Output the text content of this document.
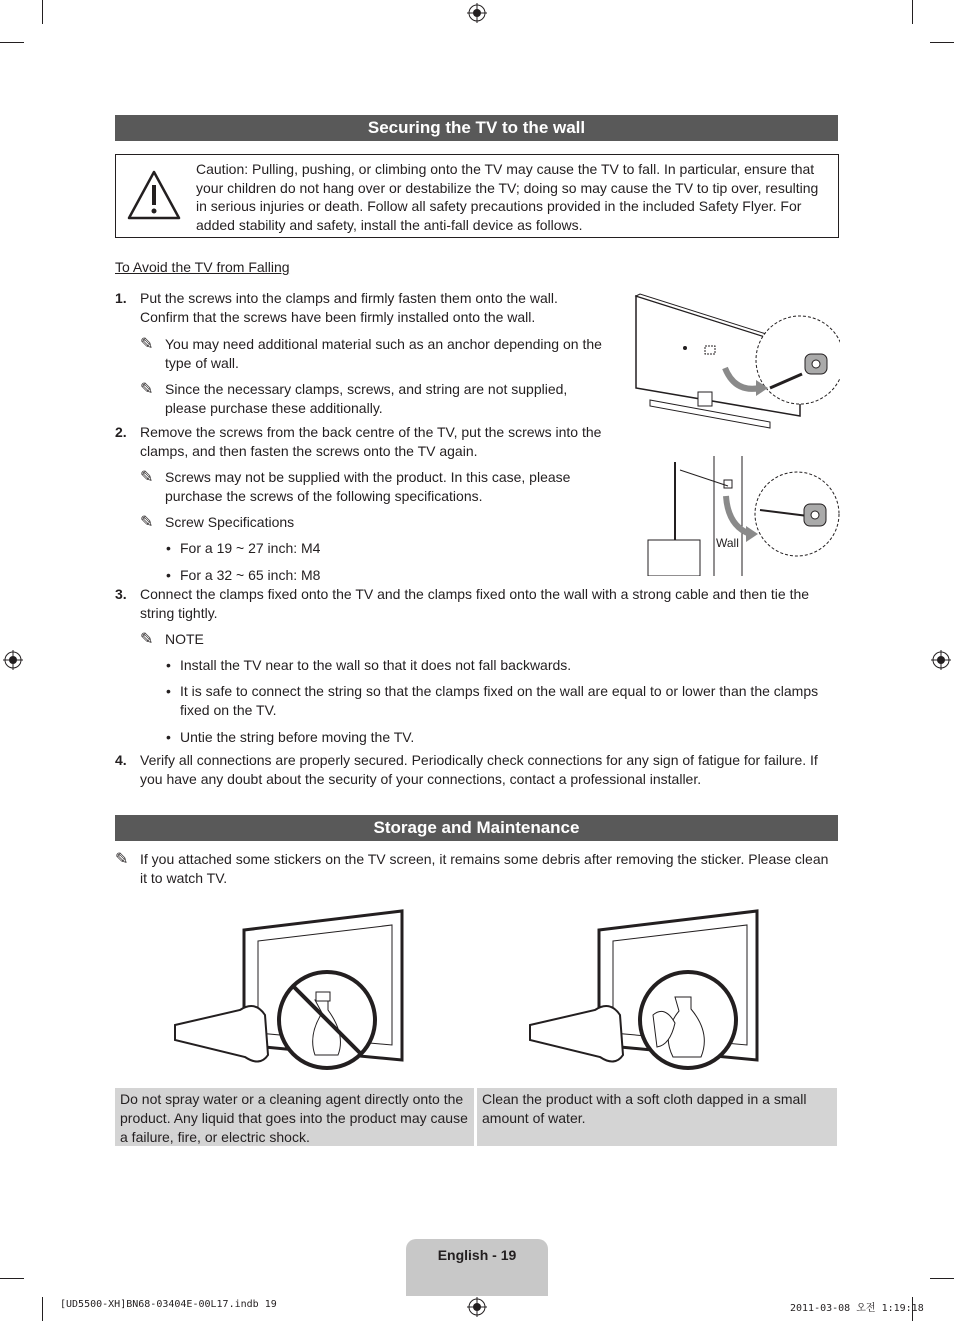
Securing the TV to the wall
Caution: Pulling, pushing, or climbing onto the TV may cause the TV to fall. In particular, ensure that your children do not hang over or destabilize the TV; doing so may cause the TV to tip over, resulting in serious injuries or death. Follow all safety precautions provided in the included Safety Flyer. For added stability and safety, install the anti-fall device as follows.
To Avoid the TV from Falling
1. Put the screws into the clamps and firmly fasten them onto the wall. Confirm that the screws have been firmly installed onto the wall.
✎ You may need additional material such as an anchor depending on the type of wall.
✎ Since the necessary clamps, screws, and string are not supplied, please purchase these additionally.
2. Remove the screws from the back centre of the TV, put the screws into the clamps, and then fasten the screws onto the TV again.
✎ Screws may not be supplied with the product. In this case, please purchase the screws of the following specifications.
✎ Screw Specifications
• For a 19 ~ 27 inch: M4
• For a 32 ~ 65 inch: M8
3. Connect the clamps fixed onto the TV and the clamps fixed onto the wall with a strong cable and then tie the string tightly.
✎ NOTE
• Install the TV near to the wall so that it does not fall backwards.
• It is safe to connect the string so that the clamps fixed on the wall are equal to or lower than the clamps fixed on the TV.
• Untie the string before moving the TV.
4. Verify all connections are properly secured. Periodically check connections for any sign of fatigue for failure. If you have any doubt about the security of your connections, contact a professional installer.
Wall
Storage and Maintenance
✎ If you attached some stickers on the TV screen, it remains some debris after removing the sticker. Please clean it to watch TV.
Do not spray water or a cleaning agent directly onto the product. Any liquid that goes into the product may cause a failure, fire, or electric shock.
Clean the product with a soft cloth dapped in a small amount of water.
English - 19
[UD5500-XH]BN68-03404E-00L17.indb 19	2011-03-08 오전 1:19:18
